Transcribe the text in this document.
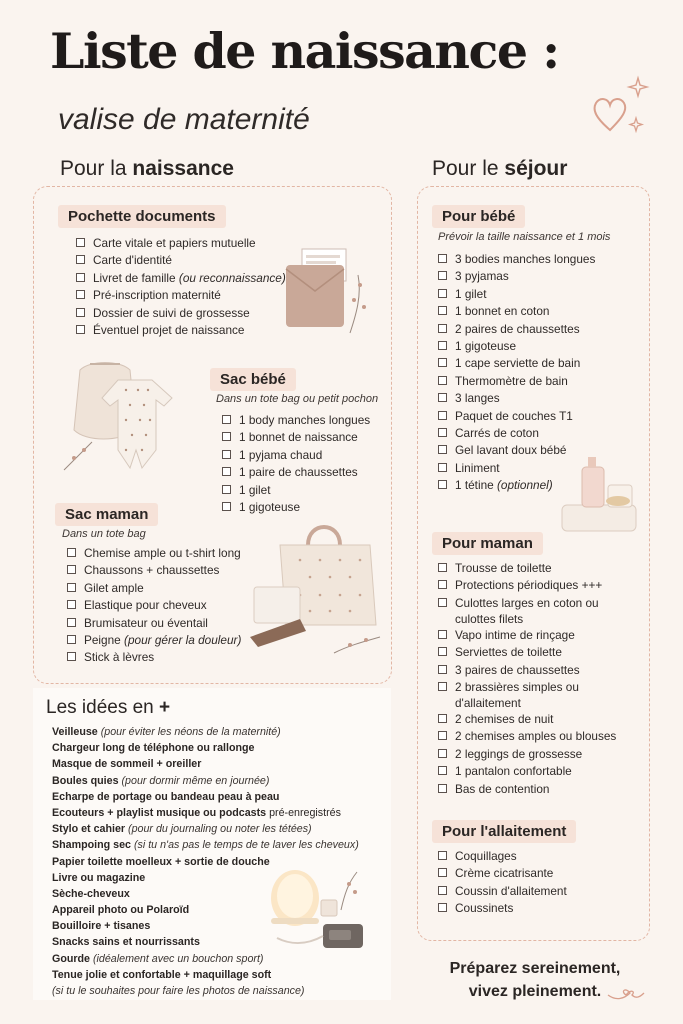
Liste de naissance :
valise de maternité
Pour la naissance	Pour le séjour
Pochette documents
Carte vitale et papiers mutuelle
Carte d'identité
Livret de famille (ou reconnaissance)
Pré-inscription maternité
Dossier de suivi de grossesse
Éventuel projet de naissance
Sac bébé
Dans un tote bag ou petit pochon
1 body manches longues
1 bonnet de naissance
1 pyjama chaud
1 paire de chaussettes
1 gilet
1 gigoteuse
Sac maman
Dans un tote bag
Chemise ample ou t-shirt long
Chaussons + chaussettes
Gilet ample
Elastique pour cheveux
Brumisateur ou éventail
Peigne (pour gérer la douleur)
Stick à lèvres
Pour bébé
Prévoir la taille naissance et 1 mois
3 bodies manches longues
3 pyjamas
1 gilet
1 bonnet en coton
2 paires de chaussettes
1 gigoteuse
1 cape serviette de bain
Thermomètre de bain
3 langes
Paquet de couches T1
Carrés de coton
Gel lavant doux bébé
Liniment
1 tétine (optionnel)
Pour maman
Trousse de toilette
Protections périodiques +++
Culottes larges en coton ou culottes filets
Vapo intime de rinçage
Serviettes de toilette
3 paires de chaussettes
2 brassières simples ou d'allaitement
2 chemises de nuit
2 chemises amples ou blouses
2 leggings de grossesse
1 pantalon confortable
Bas de contention
Pour l'allaitement
Coquillages
Crème cicatrisante
Coussin d'allaitement
Coussinets
Les idées en +
Veilleuse (pour éviter les néons de la maternité)
Chargeur long de téléphone ou rallonge
Masque de sommeil + oreiller
Boules quies (pour dormir même en journée)
Echarpe de portage ou bandeau peau à peau
Ecouteurs + playlist musique ou podcasts pré-enregistrés
Stylo et cahier (pour du journaling ou noter les tétées)
Shampoing sec (si tu n'as pas le temps de te laver les cheveux)
Papier toilette moelleux + sortie de douche
Livre ou magazine
Sèche-cheveux
Appareil photo ou Polaroïd
Bouilloire + tisanes
Snacks sains et nourrissants
Gourde (idéalement avec un bouchon sport)
Tenue jolie et confortable + maquillage soft
(si tu le souhaites pour faire les photos de naissance)
Préparez sereinement,
vivez pleinement.
